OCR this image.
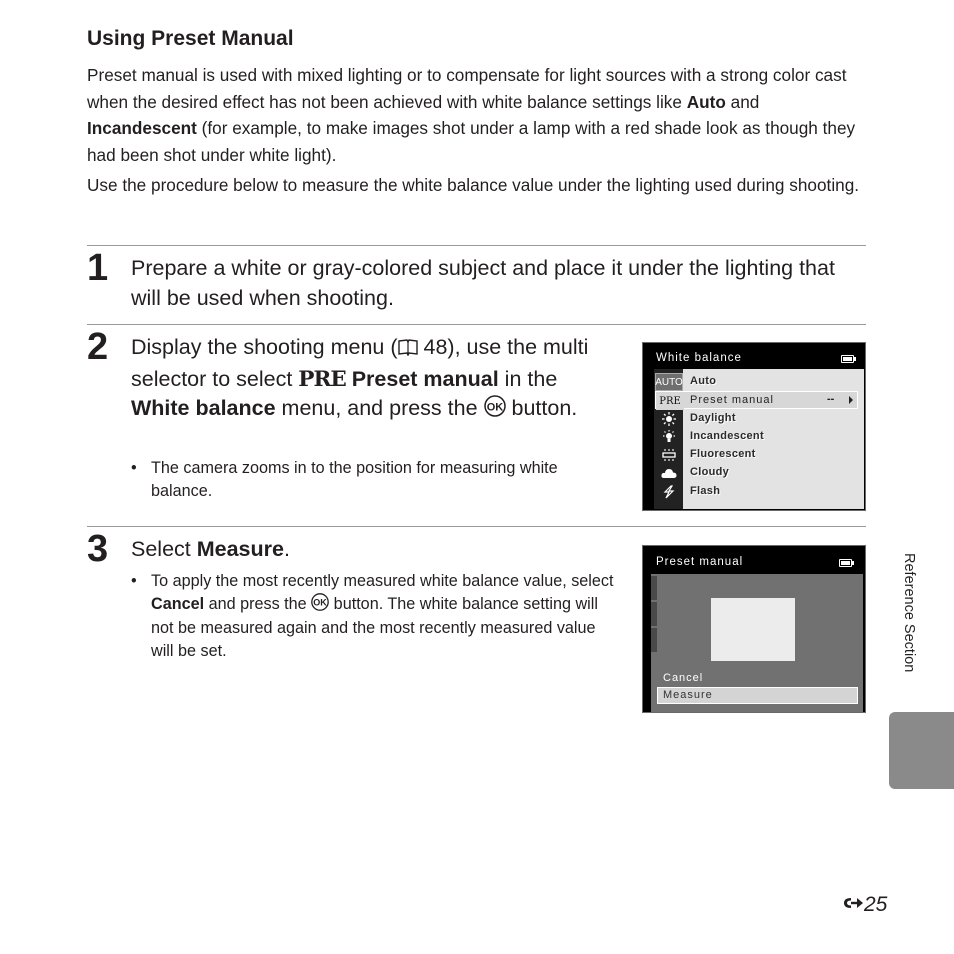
Using Preset Manual

Preset manual is used with mixed lighting or to compensate for light sources with a strong color cast when the desired effect has not been achieved with white balance settings like Auto and Incandescent (for example, to make images shot under a lamp with a red shade look as though they had been shot under white light).

Use the procedure below to measure the white balance value under the lighting used during shooting.

1 Prepare a white or gray-colored subject and place it under the lighting that will be used when shooting.

2 Display the shooting menu ( 48), use the multi selector to select PRE Preset manual in the White balance menu, and press the OK button.

• The camera zooms in to the position for measuring white balance.
White balance
AUTO Auto
PRE Preset manual	--
Daylight
Incandescent
Fluorescent
Cloudy
Flash
3 Select Measure.

• To apply the most recently measured white balance value, select Cancel and press the OK button. The white balance setting will not be measured again and the most recently measured value will be set.
Preset manual
Cancel
Measure
Reference Section
25
